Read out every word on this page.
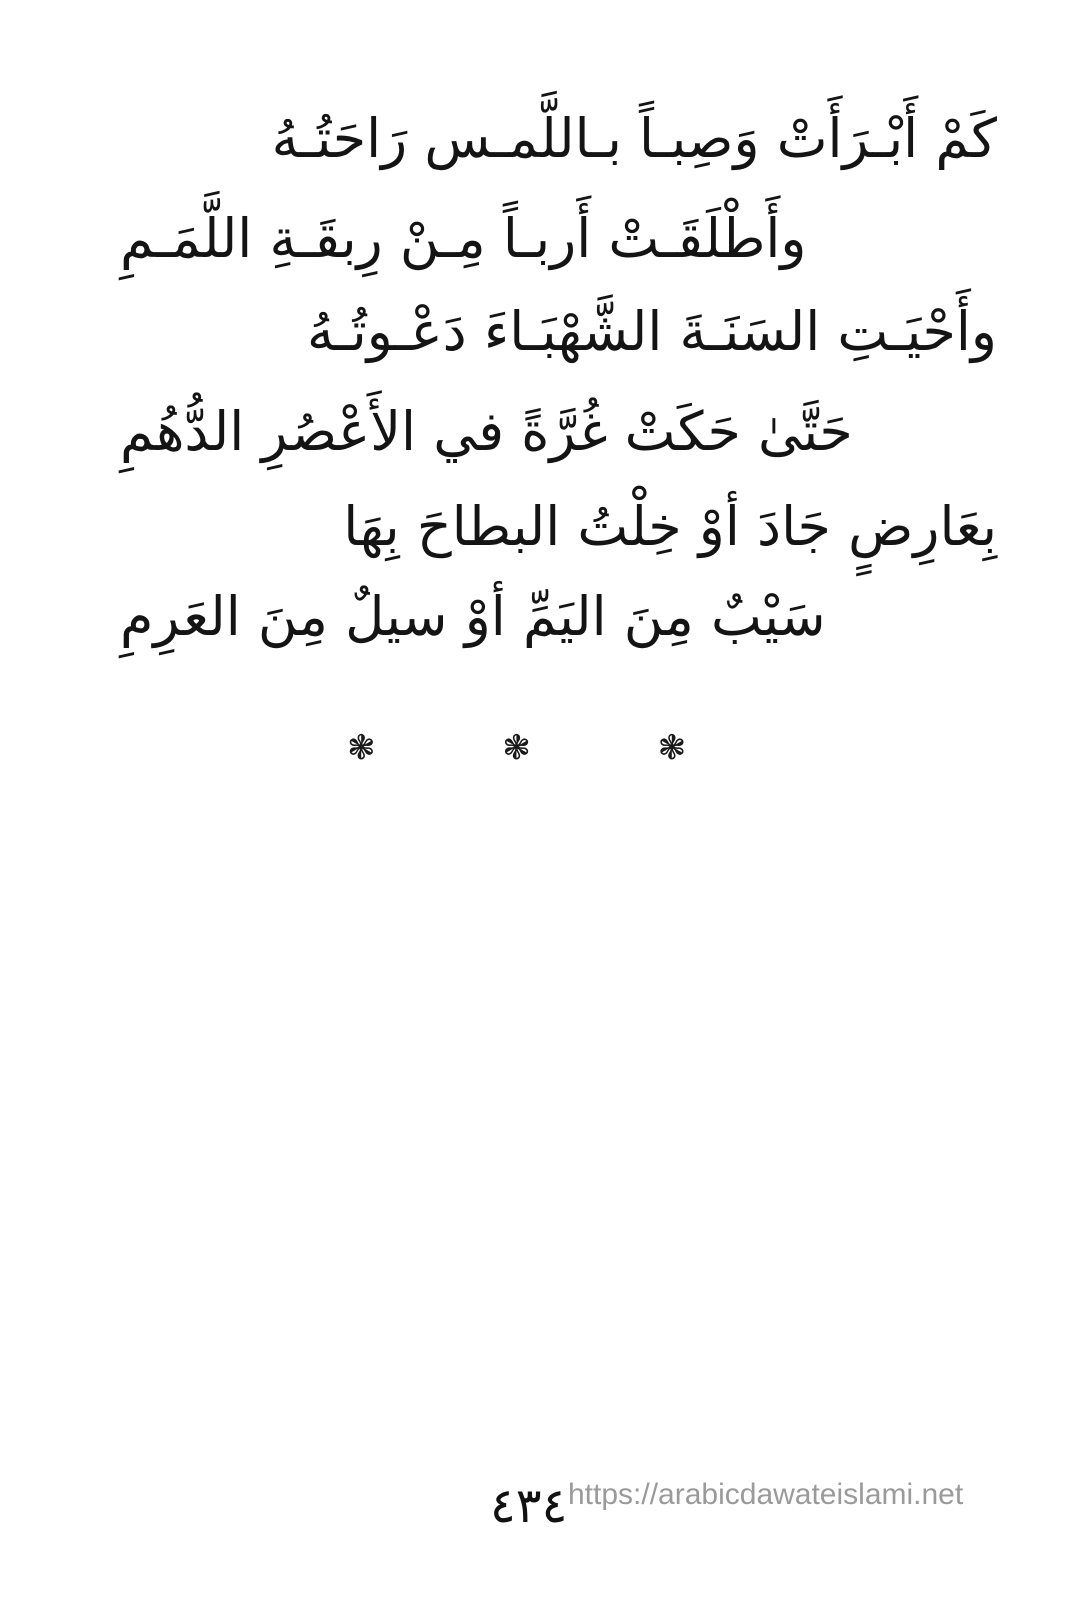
كَمْ أَبْـرَأَتْ وَصِبـاً بـاللَّمـس رَاحَتُـهُ
وأَطْلَقَـتْ أَربـاً مِـنْ رِبقَـةِ اللَّمَـمِ
وأَحْيَـتِ السَنَـةَ الشَّهْبَـاءَ دَعْـوتُـهُ
حَتَّىٰ حَكَتْ غُرَّةً في الأَعْصُرِ الدُّهُمِ
بِعَارِضٍ جَادَ أوْ خِلْتُ البطاحَ بِهَا
سَيْبٌ مِنَ اليَمِّ أوْ سيلٌ مِنَ العَرِمِ
❃ ❃ ❃
٤٣٤ https://arabicdawateislami.net
